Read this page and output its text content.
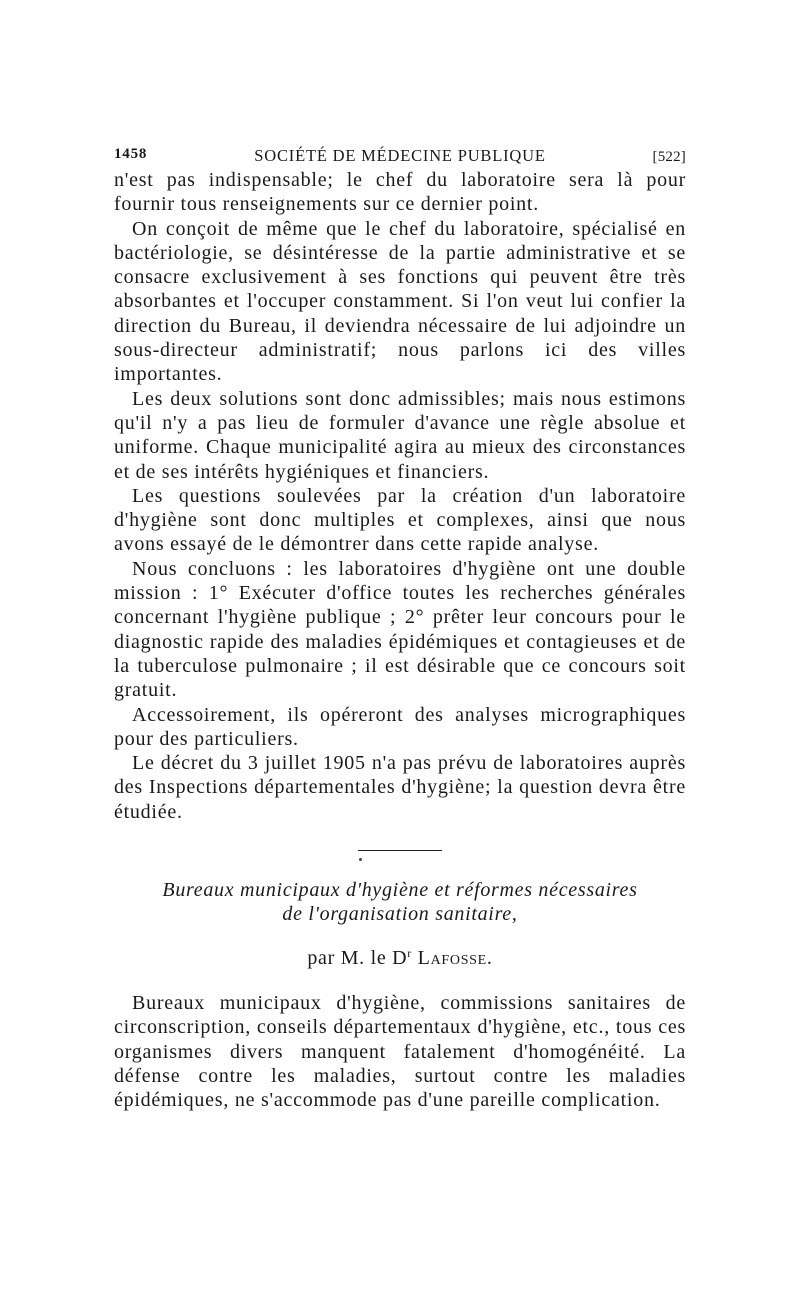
1458	SOCIÉTÉ DE MÉDECINE PUBLIQUE	[522]

n'est pas indispensable; le chef du laboratoire sera là pour fournir tous renseignements sur ce dernier point.

On conçoit de même que le chef du laboratoire, spécialisé en bactériologie, se désintéresse de la partie administrative et se consacre exclusivement à ses fonctions qui peuvent être très absorbantes et l'occuper constamment. Si l'on veut lui confier la direction du Bureau, il deviendra nécessaire de lui adjoindre un sous-directeur administratif; nous parlons ici des villes importantes.

Les deux solutions sont donc admissibles; mais nous estimons qu'il n'y a pas lieu de formuler d'avance une règle absolue et uniforme. Chaque municipalité agira au mieux des circonstances et de ses intérêts hygiéniques et financiers.

Les questions soulevées par la création d'un laboratoire d'hygiène sont donc multiples et complexes, ainsi que nous avons essayé de le démontrer dans cette rapide analyse.

Nous concluons : les laboratoires d'hygiène ont une double mission : 1° Exécuter d'office toutes les recherches générales concernant l'hygiène publique ; 2° prêter leur concours pour le diagnostic rapide des maladies épidémiques et contagieuses et de la tuberculose pulmonaire ; il est désirable que ce concours soit gratuit.

Accessoirement, ils opéreront des analyses micrographiques pour des particuliers.

Le décret du 3 juillet 1905 n'a pas prévu de laboratoires auprès des Inspections départementales d'hygiène; la question devra être étudiée.

Bureaux municipaux d'hygiène et réformes nécessaires
de l'organisation sanitaire,
par M. le $D^r$ Lafosse.

Bureaux municipaux d'hygiène, commissions sanitaires de circonscription, conseils départementaux d'hygiène, etc., tous ces organismes divers manquent fatalement d'homogénéité. La défense contre les maladies, surtout contre les maladies épidémiques, ne s'accommode pas d'une pareille complication.
